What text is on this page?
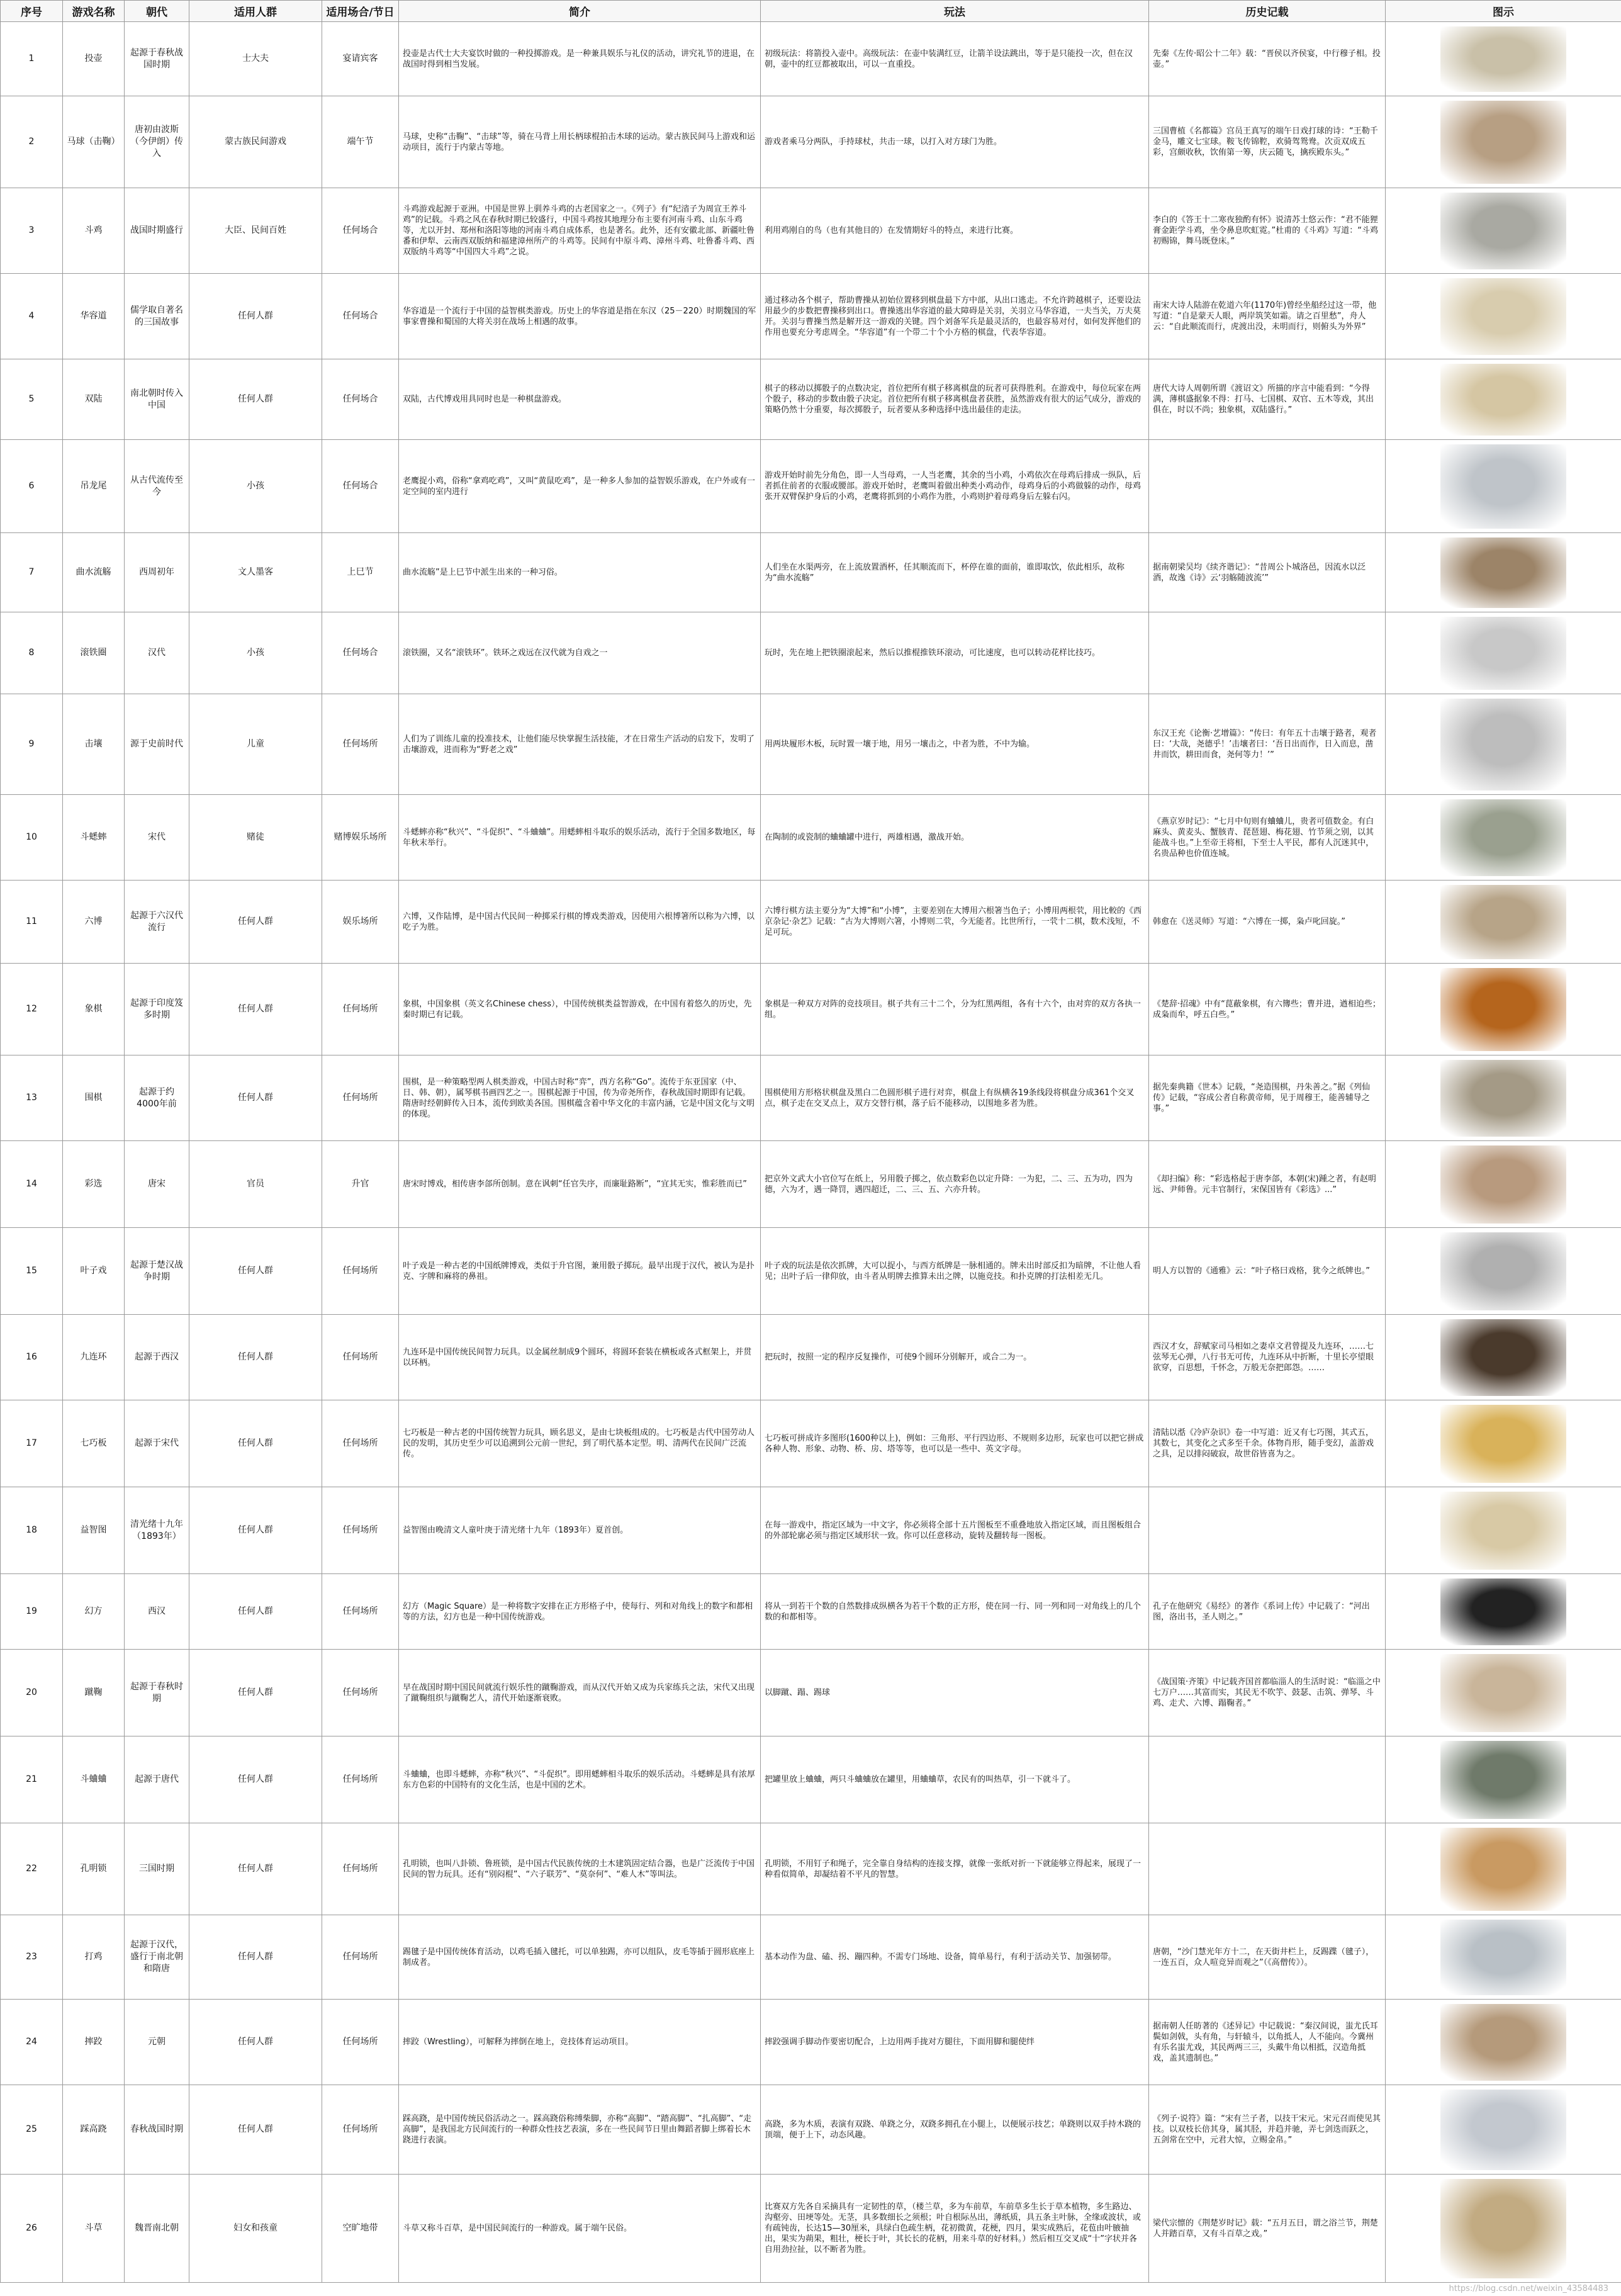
序号	游戏名称	朝代	适用人群	适用场合/节日	简介	玩法	历史记载	图示
1	投壶	起源于春秋战国时期	士大夫	宴请宾客	投壶是古代士大夫宴饮时做的一种投掷游戏。是一种兼具娱乐与礼仪的活动，讲究礼节的进退，在战国时得到相当发展。	初级玩法：将箭投入壶中。高级玩法：在壶中装满红豆，让箭羊设法跳出，等于是只能投一次，但在汉朝，壶中的红豆都被取出，可以一直重投。	先秦《左传·昭公十二年》载：“晋侯以齐侯宴，中行穆子相。投壶。”	

2	马球（击鞠）	唐初由波斯（今伊朗）传入	蒙古族民间游戏	端午节	马球，史称“击鞠”、“击球”等，骑在马背上用长柄球棍拍击木球的运动。蒙古族民间马上游戏和运动项目，流行于内蒙古等地。	游戏者乘马分两队，手持球杖，共击一球，以打入对方球门为胜。	三国曹植《名都篇》宫员王真写的端午日戏打球的诗：“王勒千金马，雕文七宝球。鞍飞传锦鞚，欢骑驾鸳鸯。次贡双成五彩，宫颇收秋，饮侑第一筹，庆云随飞，擒疾殿东头。”	

3	斗鸡	战国时期盛行	大臣、民间百姓	任何场合	斗鸡游戏起源于亚洲。中国是世界上驯养斗鸡的古老国家之一。《列子》有“纪渻子为周宣王养斗鸡”的记载。斗鸡之风在春秋时期已较盛行，中国斗鸡按其地理分布主要有河南斗鸡、山东斗鸡等，尤以开封、郑州和洛阳等地的河南斗鸡自成体系，也是著名。此外，还有安徽北部、新疆吐鲁番和伊犁、云南西双版纳和福建漳州所产的斗鸡等。民间有中原斗鸡、漳州斗鸡、吐鲁番斗鸡、西双版纳斗鸡等“中国四大斗鸡”之说。	利用鸡刚自的鸟（也有其他目的）在发情期好斗的特点，来进行比赛。	李白的《答王十二寒夜独酌有怀》说清苏士悠云作：“君不能狸膏金距学斗鸡，坐令鼻息吹虹霓。”杜甫的《斗鸡》写道：“斗鸡初赐锦，舞马既登床。”	

4	华容道	儒学取自著名的三国故事	任何人群	任何场合	华容道是一个流行于中国的益智棋类游戏。历史上的华容道是指在东汉（25－220）时期魏国的军事家曹操和蜀国的大将关羽在战场上相遇的故事。	通过移动各个棋子，帮助曹操从初始位置移到棋盘最下方中部，从出口逃走。不允许跨越棋子，还要设法用最少的步数把曹操移到出口。曹操逃出华容道的最大障碍是关羽，关羽立马华容道，一夫当关，万夫莫开。关羽与曹操当然是解开这一游戏的关键。四个刘备军兵是最灵活的，也最容易对付，如何发挥他们的作用也要充分考虑周全。“华容道”有一个带二十个小方格的棋盘，代表华容道。	南宋大诗人陆游在乾道六年(1170年)曾经坐船经过这一带，他写道：“自是蒙天人眼，两岸筑笑如霜。请之百里愁”，舟人云：“自此顺流而行，虎渡出没，未明而行，则俯头为外界”	

5	双陆	南北朝时传入中国	任何人群	任何场合	双陆，古代博戏用具同时也是一种棋盘游戏。	棋子的移动以掷骰子的点数决定，首位把所有棋子移离棋盘的玩者可获得胜利。在游戏中，每位玩家在两个骰子，移动的步数由骰子决定。首位把所有棋子移离棋盘者获胜，虽然游戏有很大的运气成分，游戏的策略仍然十分重要，每次掷骰子，玩者要从多种选择中选出最佳的走法。	唐代大诗人周朝所谓《渡诏文》所描的序言中能看到：“今得满，薄棋盛据象不得：打马、七国棋、双官、五木等戏，其出俱在，时以不尚；独象棋，双陆盛行。”	

6	吊龙尾	从古代流传至今	小孩	任何场合	老鹰捉小鸡，俗称“拿鸡吃鸡”，又叫“黄鼠吃鸡”，是一种多人参加的益智娱乐游戏，在户外或有一定空间的室内进行	游戏开始时前先分角色，即一人当母鸡，一人当老鹰，其余的当小鸡，小鸡依次在母鸡后排成一纵队，后者抓住前者的衣服或腰部。游戏开始时，老鹰叫着做出种类小鸡动作，母鸡身后的小鸡做躲的动作，母鸡张开双臂保护身后的小鸡，老鹰将抓到的小鸡作为胜，小鸡则护着母鸡身后左躲右闪。		

7	曲水流觞	西周初年	文人墨客	上巳节	曲水流觞”是上巳节中派生出来的一种习俗。	人们坐在水渠两旁，在上流放置酒杯，任其顺流而下，杯停在谁的面前，谁即取饮，依此相乐，故称为“曲水流觞”	据南朝梁吴均《续齐谐记》：“昔周公卜城洛邑，因流水以泛酒，故逸《诗》云‘羽觞随波流’”	

8	滚铁圈	汉代	小孩	任何场合	滚铁圈，又名“滚铁环”。铁环之戏远在汉代就为自戏之一	玩时，先在地上把铁圈滚起来，然后以推棍推铁环滚动，可比速度，也可以转动花样比技巧。		

9	击壤	源于史前时代	儿童	任何场所	人们为了训练儿童的投准技术，让他们能尽快掌握生活技能，才在日常生产活动的启发下，发明了击壤游戏，进而称为“野老之戏”	用两块履形木板，玩时置一壤于地，用另一壤击之，中者为胜，不中为输。	东汉王充《论衡·艺增篇》：“传曰：有年五十击壤于路者，观者曰：‘大哉，尧德乎！’击壤者曰：‘吾日出而作，日入而息，凿井而饮，耕田而食，尧何等力！’”	

10	斗蟋蟀	宋代	赌徒	赌博娱乐场所	斗蟋蟀亦称“秋兴”、“斗促织”、“斗蛐蛐”。用蟋蟀相斗取乐的娱乐活动，流行于全国多数地区，每年秋末举行。	在陶制的或瓷制的蛐蛐罐中进行，两雄相遇，激战开始。	《燕京岁时记》：“七月中旬则有蛐蛐儿，贵者可值数金。有白麻头、黄麦头、蟹胲青、琵琶翅、梅花翅、竹节须之别，以其能战斗也。”上至帝王将相，下至士人平民，都有人沉迷其中，名贵品种也价值连城。	

11	六博	起源于六汉代流行	任何人群	娱乐场所	六博，又作陆博，是中国古代民间一种掷采行棋的博戏类游戏，因使用六根博箸所以称为六博，以吃子为胜。	六博行棋方法主要分为“大博”和“小博”，主要差别在大博用六根箸当色子；小博用两根茕，用比較的《西京杂记·杂艺》记载：“古为大博则六箸，小博则二茕，今无能者。比世所行，一茕十二棋，数术浅短，不足可玩。	韩愈在《送灵师》写道：“六博在一掷，枭卢叱回旋。”	

12	象棋	起源于印度笈多时期	任何人群	任何场所	象棋，中国象棋（英文名Chinese chess），中国传统棋类益智游戏，在中国有着悠久的历史，先秦时期已有记载。	象棋是一种双方对阵的竞技项目。棋子共有三十二个，分为红黑两组，各有十六个，由对弈的双方各执一组。	《楚辞·招魂》中有“菎蔽象棋，有六簙些；曹并进，遒相迫些；成枭而牟，呼五白些。”	

13	围棋	起源于约4000年前	任何人群	任何场所	围棋，是一种策略型两人棋类游戏，中国古时称“弈”，西方名称“Go”。流传于东亚国家（中、日、韩、朝），属琴棋书画四艺之一。围棋起源于中国，传为帝尧所作，春秋战国时期即有记载。隋唐时经朝鲜传入日本，流传到欧美各国。围棋蕴含着中华文化的丰富内涵，它是中国文化与文明的体现。	围棋使用方形格状棋盘及黑白二色圆形棋子进行对弈，棋盘上有纵横各19条线段将棋盘分成361个交叉点，棋子走在交叉点上，双方交替行棋，落子后不能移动，以围地多者为胜。	据先秦典籍《世本》记载，“尧造围棋，丹朱善之。”据《列仙传》记载，“容成公者自称黄帝师，见于周穆王，能善辅导之事。”	

14	彩选	唐宋	官员	升官	唐宋时博戏，相传唐李郃所创制。意在讽刺“任官失序，而廉耻路断”，“宜其无实，惟彩胜而已”	把京外文武大小官位写在纸上，另用骰子掷之，依点数彩色以定升降：一为犯，二、三、五为功，四为德，六为才，遇一降罚，遇四超迁，二、三、五、六亦升转。	《却扫编》称：“彩选格起于唐李郃，本朝(宋)踵之者，有赵明远、尹师鲁。元丰官制行，宋保国皆有《彩选》...”	

15	叶子戏	起源于楚汉战争时期	任何人群	任何场所	叶子戏是一种古老的中国纸牌博戏，类似于升官图，兼用骰子掷玩。最早出现于汉代，被认为是扑克、字牌和麻将的鼻祖。	叶子戏的玩法是依次抓牌，大可以捉小，与西方纸牌是一脉相通的。牌未出时部反扣为暗牌，不让他人看见；出叶子后一律仰放，由斗者从明牌去推算未出之牌，以施竞技。和扑克牌的打法相差无几。	明人方以智的《通雅》云：“叶子格曰戏格，犹今之纸牌也。”	

16	九连环	起源于西汉	任何人群	任何场所	九连环是中国传统民间智力玩具。以金属丝制成9个圆环，将圆环套装在横板或各式框架上，并贯以环柄。	把玩时，按照一定的程序反复操作，可使9个圆环分别解开，或合二为一。	西汉才女，辞赋家司马相如之妻卓文君曾提及九连环，……七弦琴无心弹，八行书无可传，九连环从中折断，十里长亭望眼欲穿，百思想，千怀念，万般无奈把郎怨。……	

17	七巧板	起源于宋代	任何人群	任何场所	七巧板是一种古老的中国传统智力玩具，顾名思义，是由七块板组成的。七巧板是古代中国劳动人民的发明，其历史至少可以追溯到公元前一世纪，到了明代基本定型。明、清两代在民间广泛流传。	七巧板可拼成许多图形(1600种以上)，例如：三角形、平行四边形、不规则多边形，玩家也可以把它拼成各种人物、形象、动物、桥、房、塔等等，也可以是一些中、英文字母。	清陆以湉《冷庐杂识》卷一中写道：近又有七巧图，其式五，其数七，其变化之式多至千余。体物肖形，随手变幻，盖游戏之具，足以排闷破寂，故世俗皆喜为之。	

18	益智图	清光绪十九年（1893年）	任何人群	任何场所	益智图由晚清文人童叶庚于清光绪十九年（1893年）夏首创。	在每一游戏中，指定区域为一中文字，你必须将全部十五片图板至不重叠地放入指定区域，而且图板组合的外部轮廓必须与指定区域形状一致。你可以任意移动，旋转及翻转每一图板。		

19	幻方	西汉	任何人群	任何场所	幻方（Magic Square）是一种将数字安排在正方形格子中，使每行、列和对角线上的数字和都相等的方法，幻方也是一种中国传统游戏。	将从一到若干个数的自然数排成纵横各为若干个数的正方形，使在同一行、同一列和同一对角线上的几个数的和都相等。	孔子在他研究《易经》的著作《系词上传》中记载了：“河出图，洛出书，圣人则之。”	

20	蹴鞠	起源于春秋时期	任何人群	任何场所	早在战国时期中国民间就流行娱乐性的蹴鞠游戏，而从汉代开始又成为兵家练兵之法，宋代又出现了蹴鞠组织与蹴鞠艺人，清代开始逐渐衰败。	以脚蹴、蹋、踢球	《战国策·齐策》中记载齐国首都临淄人的生活时说：“临淄之中七万户……其富而实，其民无不吹竽、鼓瑟、击筑、弹琴、斗鸡、走犬、六博、蹋鞠者。”	

21	斗蛐蛐	起源于唐代	任何人群	任何场所	斗蛐蛐，也即斗蟋蟀，亦称“秋兴”、“斗促织”。即用蟋蟀相斗取乐的娱乐活动。斗蟋蟀是具有浓厚东方色彩的中国特有的文化生活，也是中国的艺术。	把罐里放上蛐蛐，两只斗蛐蛐放在罐里，用蛐蛐草，农民有的叫热草，引一下就斗了。		

22	孔明锁	三国时期	任何人群	任何场所	孔明锁，也叫八卦锁、鲁班锁，是中国古代民族传统的土木建筑固定结合器，也是广泛流传于中国民间的智力玩具。还有“别闷棍”、“六子联芳”、“莫奈何”、“难人木”等叫法。	孔明锁，不用钉子和绳子，完全靠自身结构的连接支撑，就像一张纸对折一下就能够立得起来，展现了一种看似简单，却凝结着不平凡的智慧。		

23	打鸡	起源于汉代，盛行于南北朝和隋唐	任何人群	任何场所	踢毽子是中国传统体育活动，以鸡毛插入毽托，可以单独踢，亦可以组队，皮毛等插于圆形底座上制成者。	基本动作为盘、磕、拐、蹦四种。不需专门场地、设备，简单易行，有利于活动关节、加强韧带。	唐朝，“沙门慧光年方十二，在天街井栏上，反踢蹀（毽子），一连五百，众人喧竞异而观之”（《高僧传》）。	

24	摔跤	元朝	任何人群	任何场所	摔跤（Wrestling），可解释为摔倒在地上，竞技体育运动项目。	摔跤强调手脚动作要密切配合，上边用两手拢对方腿往，下面用脚和腿使绊	据南朝人任昉著的《述异记》中记载说：“秦汉间说，蚩尤氏耳鬓如剑戟，头有角，与轩辕斗，以角抵人，人不能向。今冀州有乐名蚩尤戏，其民两两三三，头戴牛角以相抵，汉造角抵戏，盖其遗制也。”	

25	踩高跷	春秋战国时期	任何人群	任何场所	踩高跷，是中国传统民俗活动之一。踩高跷俗称缚柴脚，亦称“高脚”、“踏高脚”、“扎高脚”、“走高脚”，是我国北方民间流行的一种群众性技艺表演，多在一些民间节日里由舞蹈者脚上绑着长木跷进行表演。	高跷，多为木质，表演有双跷、单跷之分，双跷多拥孔在小腿上，以便展示技艺；单跷则以双手持木跷的顶端，便于上下，动态风趣。	《列子·说符》篇：“宋有兰子者，以技干宋元。宋元召而使见其技。以双枝长倍其身，属其胫，并趋并驰，弄七剑迭而跃之，五剑常在空中，元君大惊，立赐金帛。”	

26	斗草	魏晋南北朝	妇女和孩童	空旷地带	斗草又称斗百草，是中国民间流行的一种游戏。属于端午民俗。	比赛双方先各自采摘具有一定韧性的草，（楼兰草，多为车前草，车前草多生长于草本植物，多生路边、沟壑旁、田埂等处。无茎，具多数细长之须根；叶自根际丛出，薄纸质，具五条主叶脉，全缘或波状，或有疏钝齿，长达15—30厘米，具绿白色疏生柄，花初微黄，花梗，四月，果实成熟后，花苞由叶腋抽出，果实为蒴果，粗壮，梗长于叶，其长长的花柄，用来斗草的好材料。）然后相互交叉成“十”字状并各自用劲拉扯，以不断者为胜。	梁代宗懔的《荆楚岁时记》载：“五月五日，谓之浴兰节，荆楚人并踏百草，又有斗百草之戏。”	
https://blog.csdn.net/weixin_43584483
